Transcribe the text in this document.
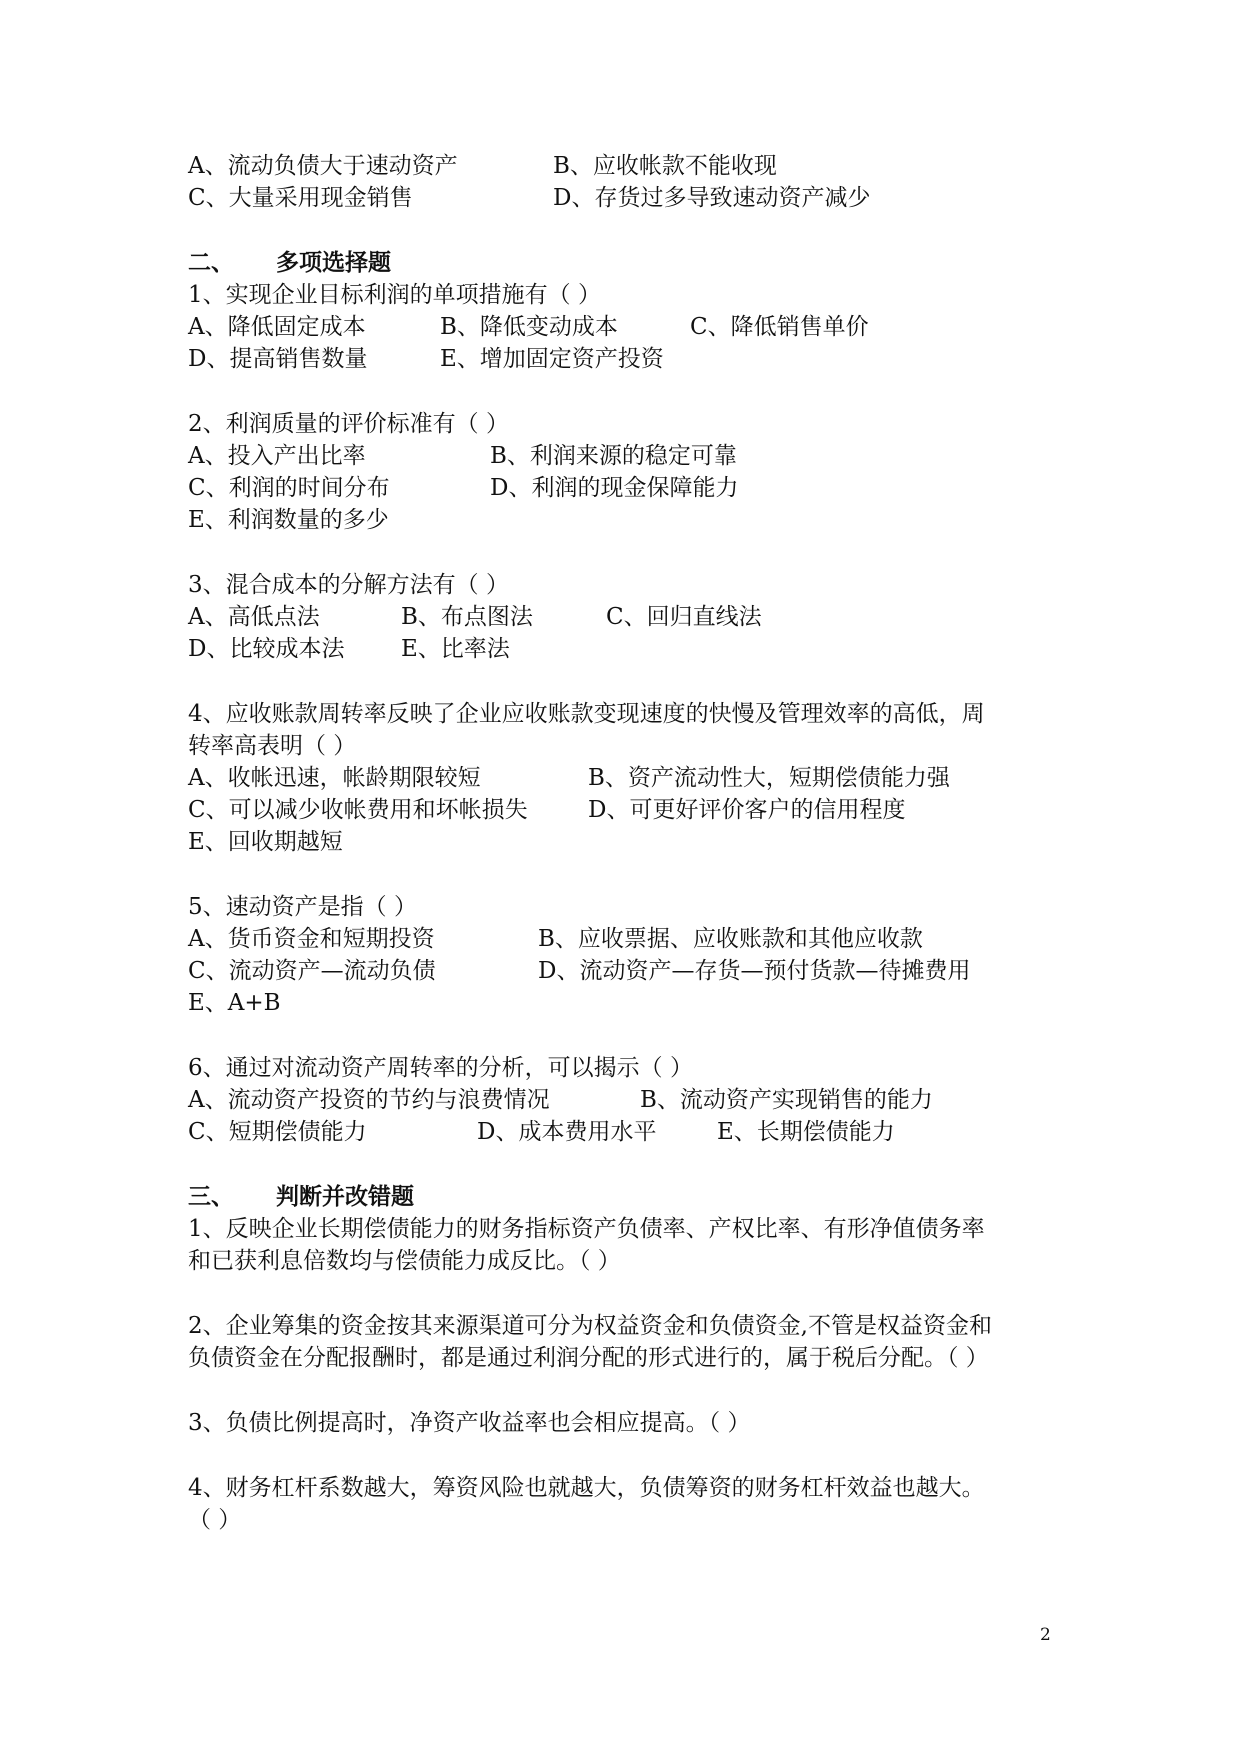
A、流动负债大于速动资产	B、应收帐款不能收现
C、大量采用现金销售	D、存货过多导致速动资产减少
二、 多项选择题
1、实现企业目标利润的单项措施有（ ）
A、降低固定成本	B、降低变动成本	C、降低销售单价
D、提高销售数量	E、增加固定资产投资
2、利润质量的评价标准有（ ）
A、投入产出比率	B、利润来源的稳定可靠
C、利润的时间分布	D、利润的现金保障能力
E、利润数量的多少
3、混合成本的分解方法有（ ）
A、高低点法	B、布点图法	C、回归直线法
D、比较成本法 E、比率法
4、应收账款周转率反映了企业应收账款变现速度的快慢及管理效率的高低，周
转率高表明（ ）
A、收帐迅速，帐龄期限较短	B、资产流动性大，短期偿债能力强
C、可以减少收帐费用和坏帐损失	D、可更好评价客户的信用程度
E、回收期越短
5、速动资产是指（ ）
A、货币资金和短期投资	B、应收票据、应收账款和其他应收款
C、流动资产—流动负债	D、流动资产—存货—预付货款—待摊费用
E、A+B
6、通过对流动资产周转率的分析，可以揭示（ ）
A、流动资产投资的节约与浪费情况	B、流动资产实现销售的能力
C、短期偿债能力	D、成本费用水平	E、长期偿债能力
三、 判断并改错题
1、反映企业长期偿债能力的财务指标资产负债率、产权比率、有形净值债务率
和已获利息倍数均与偿债能力成反比。（ ）
2、企业筹集的资金按其来源渠道可分为权益资金和负债资金,不管是权益资金和
负债资金在分配报酬时，都是通过利润分配的形式进行的，属于税后分配。（ ）
3、负债比例提高时，净资产收益率也会相应提高。（ ）
4、财务杠杆系数越大，筹资风险也就越大，负债筹资的财务杠杆效益也越大。
（ ）
2
